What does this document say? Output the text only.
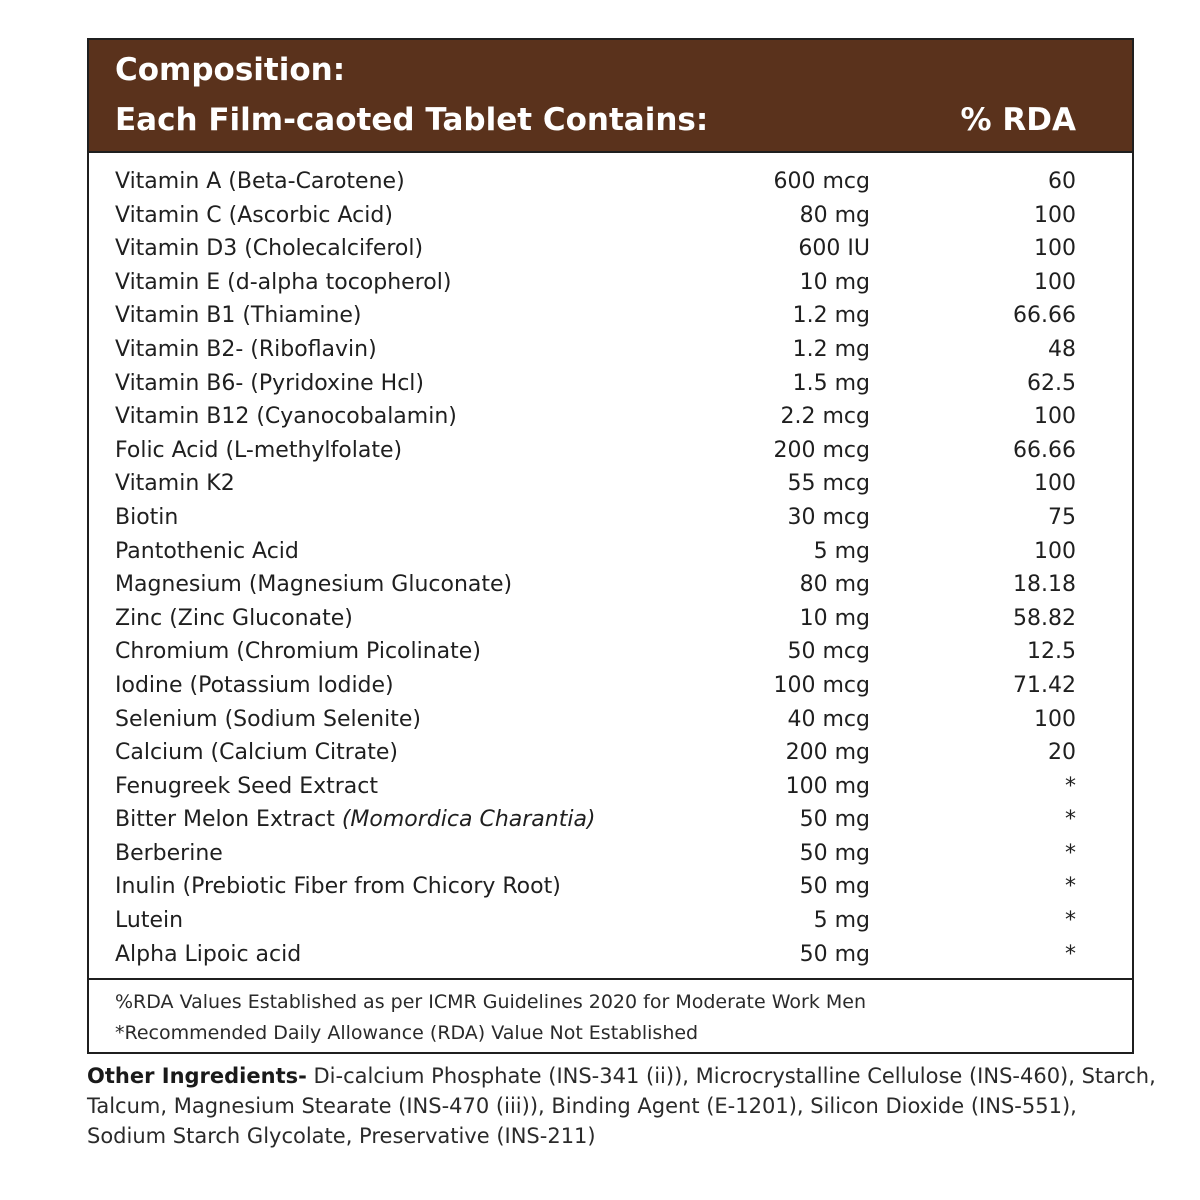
Composition:
Each Film-caoted Tablet Contains:	% RDA
Vitamin A (Beta-Carotene)	600 mcg	60
Vitamin C (Ascorbic Acid)	80 mg	100
Vitamin D3 (Cholecalciferol)	600 IU	100
Vitamin E (d-alpha tocopherol)	10 mg	100
Vitamin B1 (Thiamine)	1.2 mg	66.66
Vitamin B2- (Riboflavin)	1.2 mg	48
Vitamin B6- (Pyridoxine Hcl)	1.5 mg	62.5
Vitamin B12 (Cyanocobalamin)	2.2 mcg	100
Folic Acid (L-methylfolate)	200 mcg	66.66
Vitamin K2	55 mcg	100
Biotin	30 mcg	75
Pantothenic Acid	5 mg	100
Magnesium (Magnesium Gluconate)	80 mg	18.18
Zinc (Zinc Gluconate)	10 mg	58.82
Chromium (Chromium Picolinate)	50 mcg	12.5
Iodine (Potassium Iodide)	100 mcg	71.42
Selenium (Sodium Selenite)	40 mcg	100
Calcium (Calcium Citrate)	200 mg	20
Fenugreek Seed Extract	100 mg	*
Bitter Melon Extract (Momordica Charantia)	50 mg	*
Berberine	50 mg	*
Inulin (Prebiotic Fiber from Chicory Root)	50 mg	*
Lutein	5 mg	*
Alpha Lipoic acid	50 mg	*
%RDA Values Established as per ICMR Guidelines 2020 for Moderate Work Men
*Recommended Daily Allowance (RDA) Value Not Established
Other Ingredients- Di-calcium Phosphate (INS-341 (ii)), Microcrystalline Cellulose (INS-460), Starch, Talcum, Magnesium Stearate (INS-470 (iii)), Binding Agent (E-1201), Silicon Dioxide (INS-551), Sodium Starch Glycolate, Preservative (INS-211)
